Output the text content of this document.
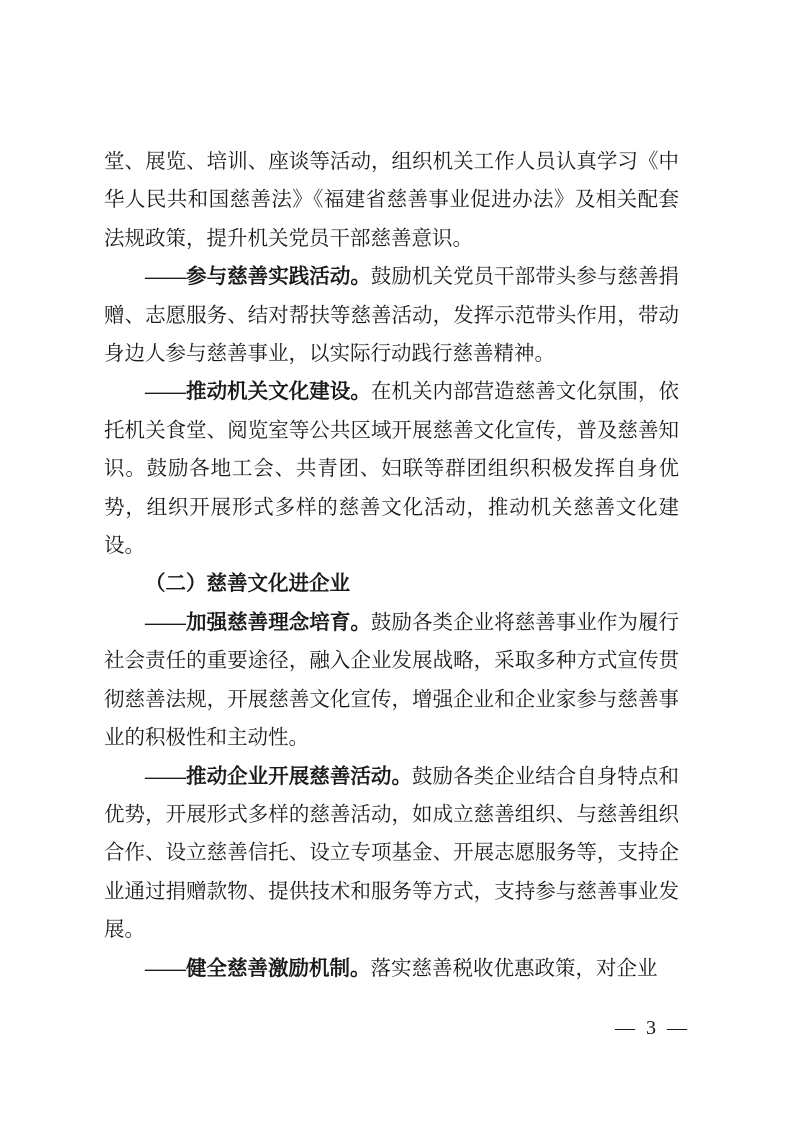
堂、展览、培训、座谈等活动，组织机关工作人员认真学习《中华人民共和国慈善法》《福建省慈善事业促进办法》及相关配套法规政策，提升机关党员干部慈善意识。

——参与慈善实践活动。鼓励机关党员干部带头参与慈善捐赠、志愿服务、结对帮扶等慈善活动，发挥示范带头作用，带动身边人参与慈善事业，以实际行动践行慈善精神。

——推动机关文化建设。在机关内部营造慈善文化氛围，依托机关食堂、阅览室等公共区域开展慈善文化宣传，普及慈善知识。鼓励各地工会、共青团、妇联等群团组织积极发挥自身优势，组织开展形式多样的慈善文化活动，推动机关慈善文化建设。

（二）慈善文化进企业

——加强慈善理念培育。鼓励各类企业将慈善事业作为履行社会责任的重要途径，融入企业发展战略，采取多种方式宣传贯彻慈善法规，开展慈善文化宣传，增强企业和企业家参与慈善事业的积极性和主动性。

——推动企业开展慈善活动。鼓励各类企业结合自身特点和优势，开展形式多样的慈善活动，如成立慈善组织、与慈善组织合作、设立慈善信托、设立专项基金、开展志愿服务等，支持企业通过捐赠款物、提供技术和服务等方式，支持参与慈善事业发展。

——健全慈善激励机制。落实慈善税收优惠政策，对企业

— 3 —
